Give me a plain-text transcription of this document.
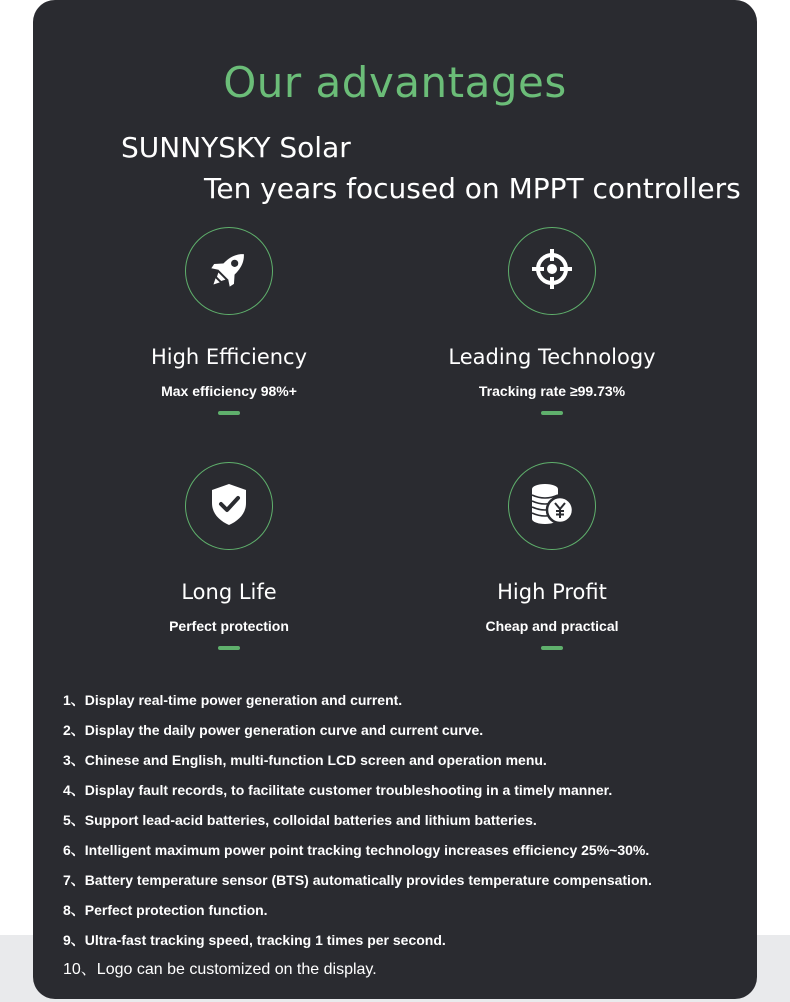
Our advantages
SUNNYSKY Solar
Ten years focused on MPPT controllers
High Efficiency
Max efficiency 98%+
Leading Technology
Tracking rate ≥99.73%
Long Life
Perfect protection
High Profit
Cheap and practical
1、Display real-time power generation and current.
2、Display the daily power generation curve and current curve.
3、Chinese and English, multi-function LCD screen and operation menu.
4、Display fault records, to facilitate customer troubleshooting in a timely manner.
5、Support lead-acid batteries, colloidal batteries and lithium batteries.
6、Intelligent maximum power point tracking technology increases efficiency 25%~30%.
7、Battery temperature sensor (BTS) automatically provides temperature compensation.
8、Perfect protection function.
9、Ultra-fast tracking speed, tracking 1 times per second.
10、Logo can be customized on the display.
